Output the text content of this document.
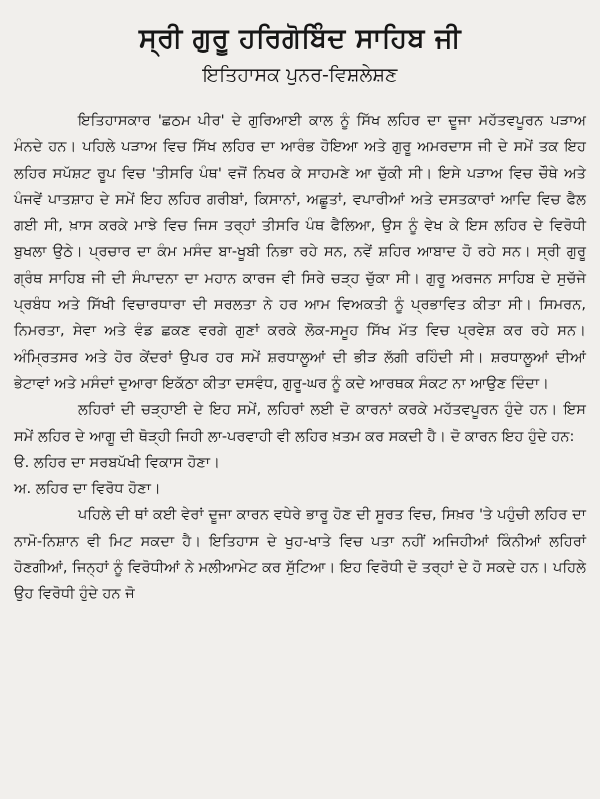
ਸ੍ਰੀ ਗੁਰੂ ਹਰਿਗੋਬਿੰਦ ਸਾਹਿਬ ਜੀ
ਇਤਿਹਾਸਕ ਪੁਨਰ-ਵਿਸ਼ਲੇਸ਼ਣ

ਇਤਿਹਾਸਕਾਰ 'ਛਠਮ ਪੀਰ' ਦੇ ਗੁਰਿਆਈ ਕਾਲ ਨੂੰ ਸਿੱਖ ਲਹਿਰ ਦਾ ਦੂਜਾ ਮਹੱਤਵਪੂਰਨ ਪੜਾਅ ਮੰਨਦੇ ਹਨ। ਪਹਿਲੇ ਪੜਾਅ ਵਿਚ ਸਿੱਖ ਲਹਿਰ ਦਾ ਆਰੰਭ ਹੋਇਆ ਅਤੇ ਗੁਰੂ ਅਮਰਦਾਸ ਜੀ ਦੇ ਸਮੇਂ ਤਕ ਇਹ ਲਹਿਰ ਸਪੱਸ਼ਟ ਰੂਪ ਵਿਚ 'ਤੀਸਰਿ ਪੰਥ' ਵਜੋਂ ਨਿਖਰ ਕੇ ਸਾਹਮਣੇ ਆ ਚੁੱਕੀ ਸੀ। ਇਸੇ ਪੜਾਅ ਵਿਚ ਚੌਥੇ ਅਤੇ ਪੰਜਵੇਂ ਪਾਤਸ਼ਾਹ ਦੇ ਸਮੇਂ ਇਹ ਲਹਿਰ ਗਰੀਬਾਂ, ਕਿਸਾਨਾਂ, ਅਛੂਤਾਂ, ਵਪਾਰੀਆਂ ਅਤੇ ਦਸਤਕਾਰਾਂ ਆਦਿ ਵਿਚ ਫੈਲ ਗਈ ਸੀ, ਖ਼ਾਸ ਕਰਕੇ ਮਾਝੇ ਵਿਚ ਜਿਸ ਤਰ੍ਹਾਂ ਤੀਸਰਿ ਪੰਥ ਫੈਲਿਆ, ਉਸ ਨੂੰ ਵੇਖ ਕੇ ਇਸ ਲਹਿਰ ਦੇ ਵਿਰੋਧੀ ਬੁਖਲਾ ਉਠੇ। ਪ੍ਰਚਾਰ ਦਾ ਕੰਮ ਮਸੰਦ ਬਾ-ਖੂਬੀ ਨਿਭਾ ਰਹੇ ਸਨ, ਨਵੇਂ ਸ਼ਹਿਰ ਆਬਾਦ ਹੋ ਰਹੇ ਸਨ। ਸ੍ਰੀ ਗੁਰੂ ਗ੍ਰੰਥ ਸਾਹਿਬ ਜੀ ਦੀ ਸੰਪਾਦਨਾ ਦਾ ਮਹਾਨ ਕਾਰਜ ਵੀ ਸਿਰੇ ਚੜ੍ਹ ਚੁੱਕਾ ਸੀ। ਗੁਰੂ ਅਰਜਨ ਸਾਹਿਬ ਦੇ ਸੁਚੱਜੇ ਪ੍ਰਬੰਧ ਅਤੇ ਸਿੱਖੀ ਵਿਚਾਰਧਾਰਾ ਦੀ ਸਰਲਤਾ ਨੇ ਹਰ ਆਮ ਵਿਅਕਤੀ ਨੂੰ ਪ੍ਰਭਾਵਿਤ ਕੀਤਾ ਸੀ। ਸਿਮਰਨ, ਨਿਮਰਤਾ, ਸੇਵਾ ਅਤੇ ਵੰਡ ਛਕਣ ਵਰਗੇ ਗੁਣਾਂ ਕਰਕੇ ਲੋਕ-ਸਮੂਹ ਸਿੱਖ ਮੱਤ ਵਿਚ ਪ੍ਰਵੇਸ਼ ਕਰ ਰਹੇ ਸਨ। ਅੰਮ੍ਰਿਤਸਰ ਅਤੇ ਹੋਰ ਕੇਂਦਰਾਂ ਉਪਰ ਹਰ ਸਮੇਂ ਸ਼ਰਧਾਲੂਆਂ ਦੀ ਭੀੜ ਲੱਗੀ ਰਹਿੰਦੀ ਸੀ। ਸ਼ਰਧਾਲੂਆਂ ਦੀਆਂ ਭੇਟਾਵਾਂ ਅਤੇ ਮਸੰਦਾਂ ਦੁਆਰਾ ਇਕੱਠਾ ਕੀਤਾ ਦਸਵੰਧ, ਗੁਰੂ-ਘਰ ਨੂੰ ਕਦੇ ਆਰਥਕ ਸੰਕਟ ਨਾ ਆਉਣ ਦਿੰਦਾ।

ਲਹਿਰਾਂ ਦੀ ਚੜ੍ਹਾਈ ਦੇ ਇਹ ਸਮੇਂ, ਲਹਿਰਾਂ ਲਈ ਦੋ ਕਾਰਨਾਂ ਕਰਕੇ ਮਹੱਤਵਪੂਰਨ ਹੁੰਦੇ ਹਨ। ਇਸ ਸਮੇਂ ਲਹਿਰ ਦੇ ਆਗੂ ਦੀ ਥੋੜ੍ਹੀ ਜਿਹੀ ਲਾ-ਪਰਵਾਹੀ ਵੀ ਲਹਿਰ ਖ਼ਤਮ ਕਰ ਸਕਦੀ ਹੈ। ਦੋ ਕਾਰਨ ਇਹ ਹੁੰਦੇ ਹਨ:

ੳ. ਲਹਿਰ ਦਾ ਸਰਬਪੱਖੀ ਵਿਕਾਸ ਹੋਣਾ।

ਅ. ਲਹਿਰ ਦਾ ਵਿਰੋਧ ਹੋਣਾ।

ਪਹਿਲੇ ਦੀ ਥਾਂ ਕਈ ਵੇਰਾਂ ਦੂਜਾ ਕਾਰਨ ਵਧੇਰੇ ਭਾਰੂ ਹੋਣ ਦੀ ਸੂਰਤ ਵਿਚ, ਸਿਖ਼ਰ 'ਤੇ ਪਹੁੰਚੀ ਲਹਿਰ ਦਾ ਨਾਮੋ-ਨਿਸ਼ਾਨ ਵੀ ਮਿਟ ਸਕਦਾ ਹੈ। ਇਤਿਹਾਸ ਦੇ ਖੁਹ-ਖਾਤੇ ਵਿਚ ਪਤਾ ਨਹੀਂ ਅਜਿਹੀਆਂ ਕਿੰਨੀਆਂ ਲਹਿਰਾਂ ਹੋਣਗੀਆਂ, ਜਿਨ੍ਹਾਂ ਨੂੰ ਵਿਰੋਧੀਆਂ ਨੇ ਮਲੀਆਮੇਟ ਕਰ ਸੁੱਟਿਆ। ਇਹ ਵਿਰੋਧੀ ਦੋ ਤਰ੍ਹਾਂ ਦੇ ਹੋ ਸਕਦੇ ਹਨ। ਪਹਿਲੇ ਉਹ ਵਿਰੋਧੀ ਹੁੰਦੇ ਹਨ ਜੋ
